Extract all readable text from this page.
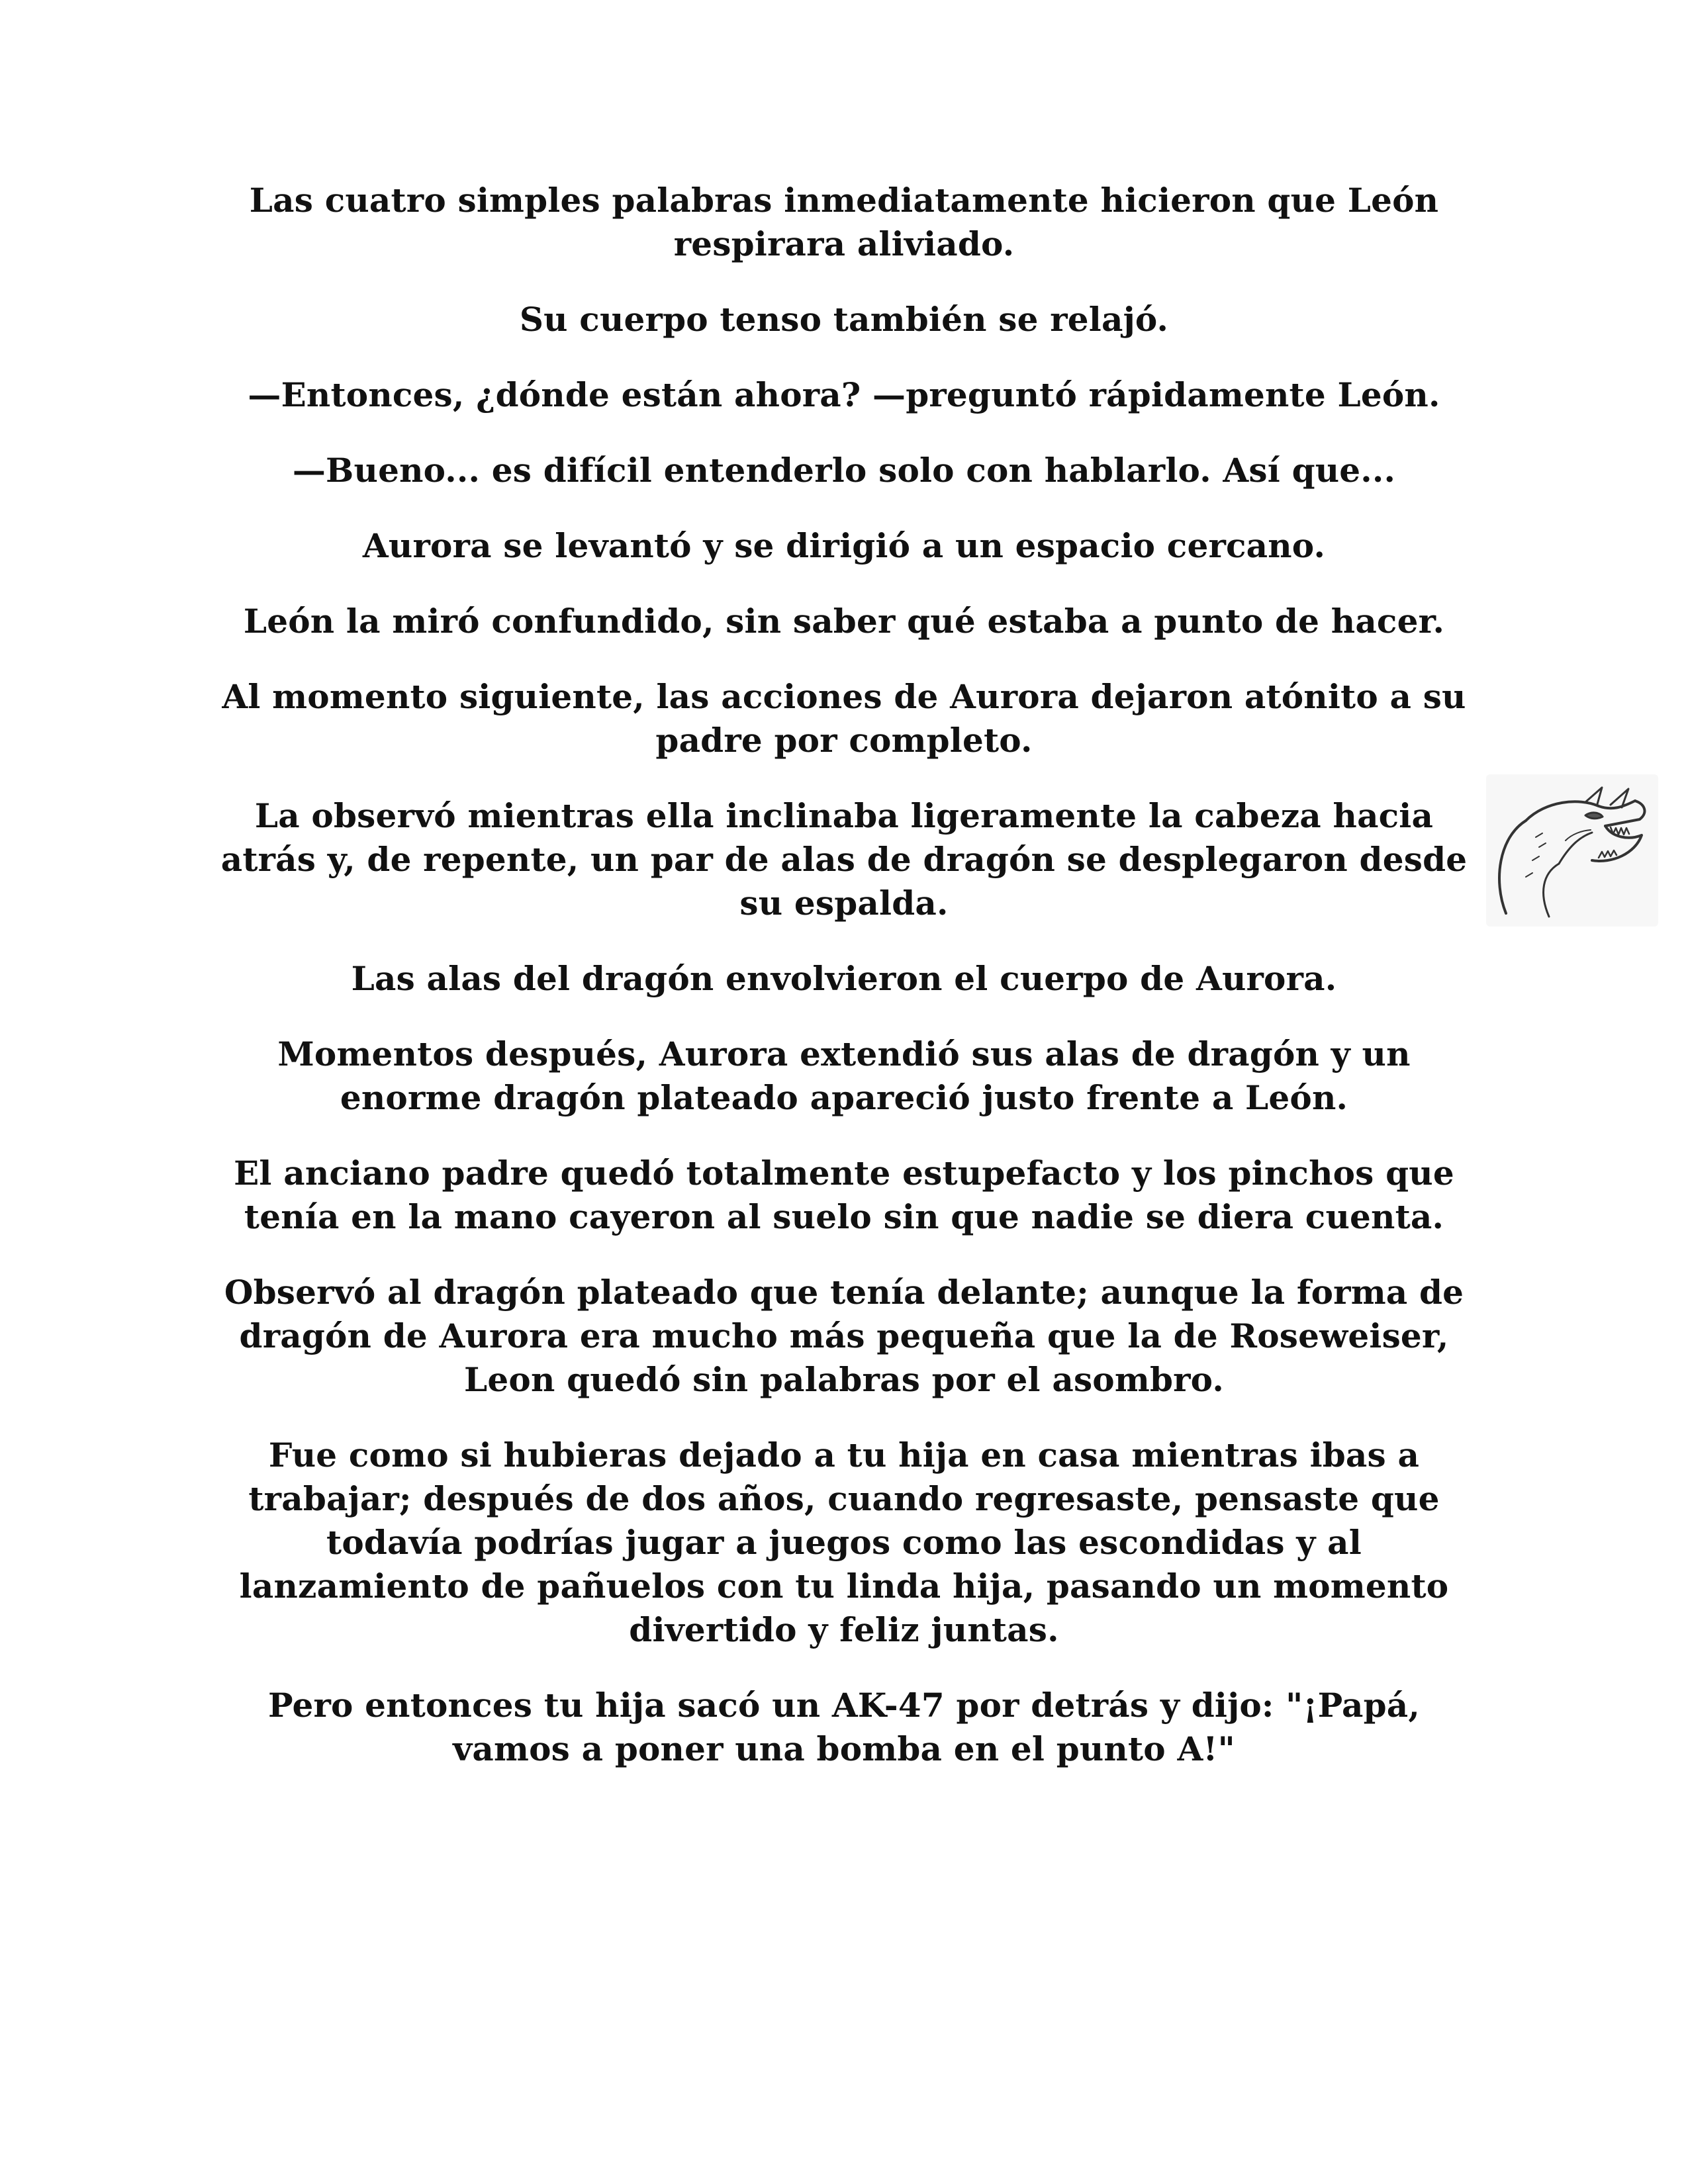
Las cuatro simples palabras inmediatamente hicieron que León respirara aliviado.

Su cuerpo tenso también se relajó.

—Entonces, ¿dónde están ahora? —preguntó rápidamente León.

—Bueno... es difícil entenderlo solo con hablarlo. Así que...

Aurora se levantó y se dirigió a un espacio cercano.

León la miró confundido, sin saber qué estaba a punto de hacer.

Al momento siguiente, las acciones de Aurora dejaron atónito a su padre por completo.

La observó mientras ella inclinaba ligeramente la cabeza hacia atrás y, de repente, un par de alas de dragón se desplegaron desde su espalda.

Las alas del dragón envolvieron el cuerpo de Aurora.

Momentos después, Aurora extendió sus alas de dragón y un enorme dragón plateado apareció justo frente a León.

El anciano padre quedó totalmente estupefacto y los pinchos que tenía en la mano cayeron al suelo sin que nadie se diera cuenta.

Observó al dragón plateado que tenía delante; aunque la forma de dragón de Aurora era mucho más pequeña que la de Roseweiser, Leon quedó sin palabras por el asombro.

Fue como si hubieras dejado a tu hija en casa mientras ibas a trabajar; después de dos años, cuando regresaste, pensaste que todavía podrías jugar a juegos como las escondidas y al lanzamiento de pañuelos con tu linda hija, pasando un momento divertido y feliz juntas.

Pero entonces tu hija sacó un AK-47 por detrás y dijo: "¡Papá, vamos a poner una bomba en el punto A!"
